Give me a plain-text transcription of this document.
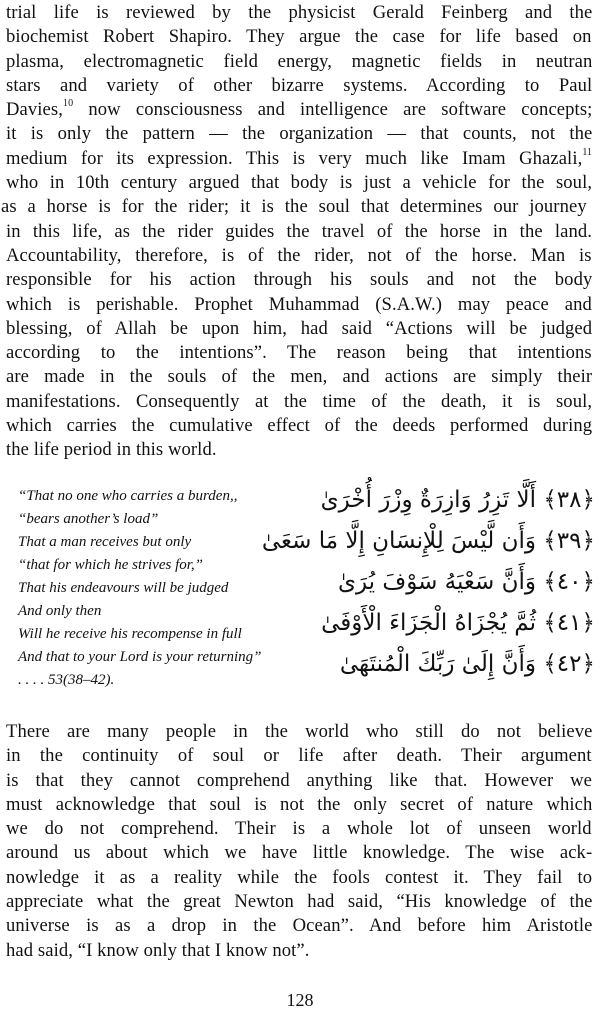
trial life is reviewed by the physicist Gerald Feinberg and the
biochemist Robert Shapiro. They argue the case for life based on
plasma, electromagnetic field energy, magnetic fields in neutran
stars and variety of other bizarre systems. According to Paul
Davies,$^{10}$ now consciousness and intelligence are software concepts;
it is only the pattern — the organization — that counts, not the
medium for its expression. This is very much like Imam Ghazali,$^{11}$
who in 10th century argued that body is just a vehicle for the soul,
as a horse is for the rider; it is the soul that determines our journey
in this life, as the rider guides the travel of the horse in the land.
Accountability, therefore, is of the rider, not of the horse. Man is
responsible for his action through his souls and not the body
which is perishable. Prophet Muhammad (S.A.W.) may peace and
blessing, of Allah be upon him, had said “Actions will be judged
according to the intentions”. The reason being that intentions
are made in the souls of the men, and actions are simply their
manifestations. Consequently at the time of the death, it is soul,
which carries the cumulative effect of the deeds performed during
the life period in this world.
“That no one who carries a burden,,
“bears another’s load”
That a man receives but only
“that for which he strives for,”
That his endeavours will be judged
And only then
Will he receive his recompense in full
And that to your Lord is your returning”
. . . . 53(38–42).
﴿٣٨﴾ أَلَّا تَزِرُ وَازِرَةٌ وِزْرَ أُخْرَىٰ
﴿٣٩﴾ وَأَن لَّيْسَ لِلْإِنسَانِ إِلَّا مَا سَعَىٰ
﴿٤٠﴾ وَأَنَّ سَعْيَهُ سَوْفَ يُرَىٰ
﴿٤١﴾ ثُمَّ يُجْزَاهُ الْجَزَاءَ الْأَوْفَىٰ
﴿٤٢﴾ وَأَنَّ إِلَىٰ رَبِّكَ الْمُنتَهَىٰ
There are many people in the world who still do not believe
in the continuity of soul or life after death. Their argument
is that they cannot comprehend anything like that. However we
must acknowledge that soul is not the only secret of nature which
we do not comprehend. Their is a whole lot of unseen world
around us about which we have little knowledge. The wise ack-
nowledge it as a reality while the fools contest it. They fail to
appreciate what the great Newton had said, “His knowledge of the
universe is as a drop in the Ocean”. And before him Aristotle
had said, “I know only that I know not”.
128
